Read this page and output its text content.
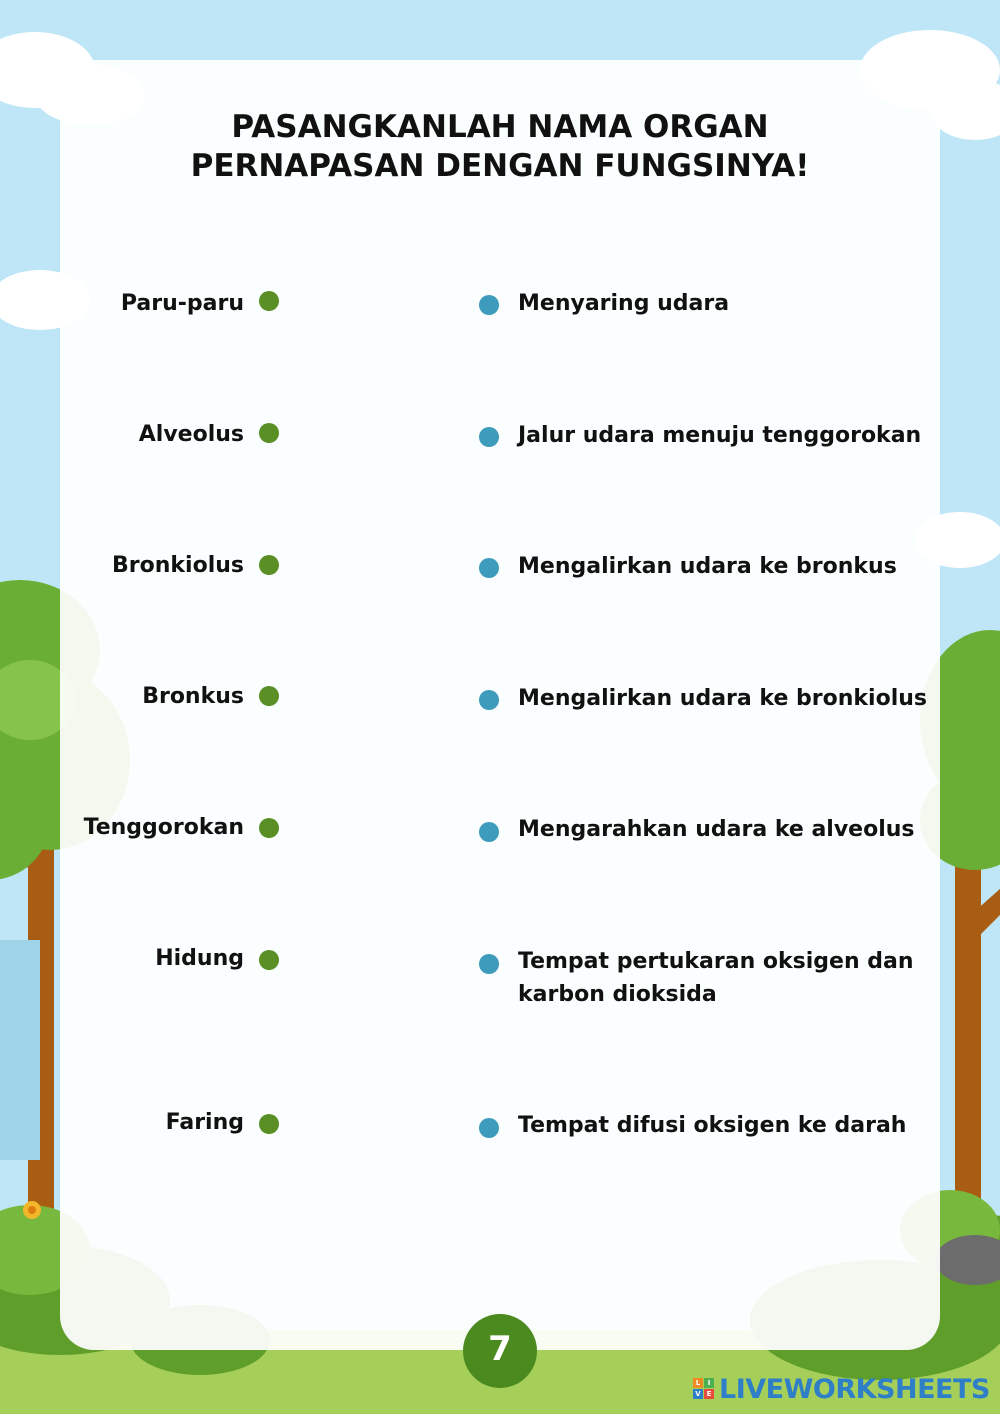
PASANGKANLAH NAMA ORGAN
PERNAPASAN DENGAN FUNGSINYA!
Paru-paru
Alveolus
Bronkiolus
Bronkus
Tenggorokan
Hidung
Faring
Menyaring udara
Jalur udara menuju tenggorokan
Mengalirkan udara ke bronkus
Mengalirkan udara ke bronkiolus
Mengarahkan udara ke alveolus
Tempat pertukaran oksigen dan
karbon dioksida
Tempat difusi oksigen ke darah
7
L	I
V E LIVEWORKSHEETS
